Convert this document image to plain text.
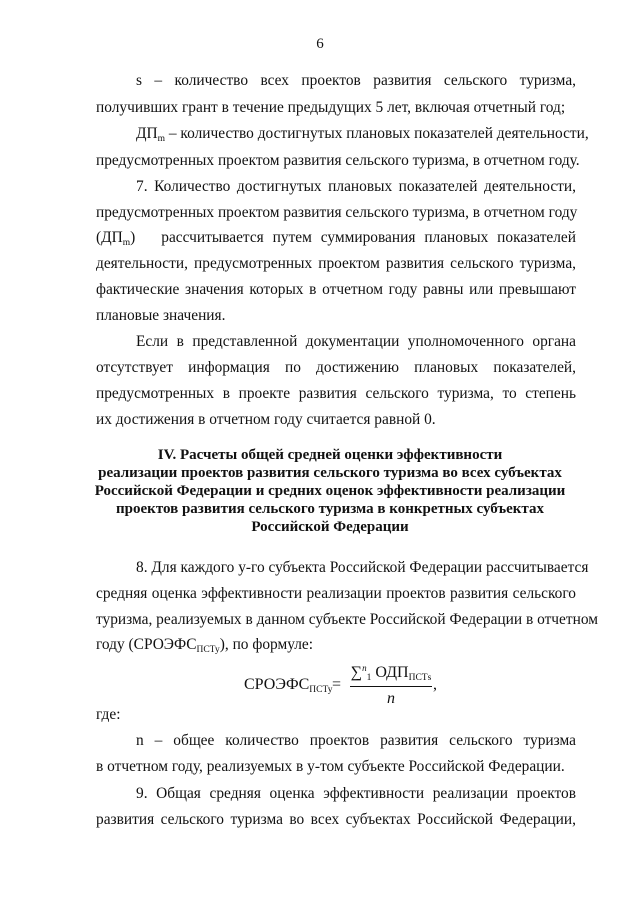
6
s – количество всех проектов развития сельского туризма,
получивших грант в течение предыдущих 5 лет, включая отчетный год;
$ДП_m$ – количество достигнутых плановых показателей деятельности,
предусмотренных проектом развития сельского туризма, в отчетном году.
7. Количество достигнутых плановых показателей деятельности,
предусмотренных проектом развития сельского туризма, в отчетном году
$(ДП_m)$ рассчитывается путем суммирования плановых показателей
деятельности, предусмотренных проектом развития сельского туризма,
фактические значения которых в отчетном году равны или превышают
плановые значения.
Если в представленной документации уполномоченного органа
отсутствует информация по достижению плановых показателей,
предусмотренных в проекте развития сельского туризма, то степень
их достижения в отчетном году считается равной 0.
IV. Расчеты общей средней оценки эффективности
реализации проектов развития сельского туризма во всех субъектах
Российской Федерации и средних оценок эффективности реализации
проектов развития сельского туризма в конкретных субъектах
Российской Федерации
8. Для каждого y-го субъекта Российской Федерации рассчитывается
средняя оценка эффективности реализации проектов развития сельского
туризма, реализуемых в данном субъекте Российской Федерации в отчетном
году $(СРОЭФС_{ПСТу})$, по формуле:
$СРОЭФС_{ПСТу}$ =
∑$^n_1$ $ОДП_{ПСТs}$
n
,
где:
n – общее количество проектов развития сельского туризма
в отчетном году, реализуемых в y-том субъекте Российской Федерации.
9. Общая средняя оценка эффективности реализации проектов
развития сельского туризма во всех субъектах Российской Федерации,
